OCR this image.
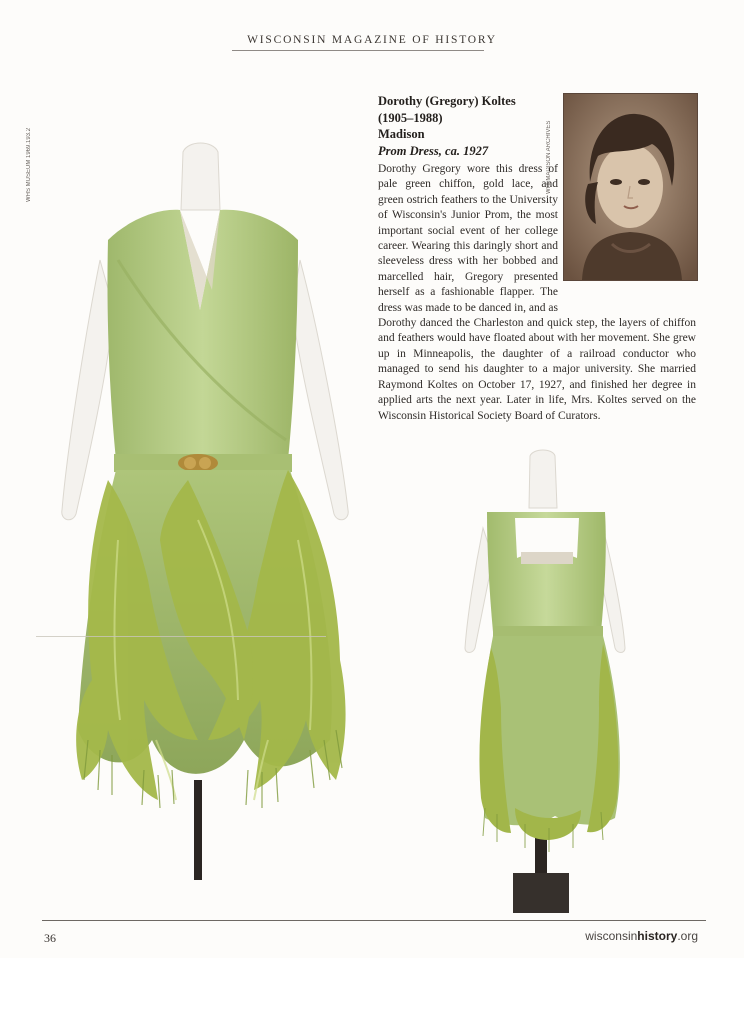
WISCONSIN MAGAZINE OF HISTORY
WHS MUSEUM 1969.193.2	WHI MADISON ARCHIVES
Dorothy (Gregory) Koltes
(1905–1988)
Madison
Prom Dress, ca. 1927
Dorothy Gregory wore this dress of pale green chiffon, gold lace, and green ostrich feathers to the University of Wisconsin's Junior Prom, the most important social event of her college career. Wearing this daringly short and sleeveless dress with her bobbed and marcelled hair, Gregory presented herself as a fashionable flapper. The dress was made to be danced in, and as Dorothy danced the Charleston and quick step, the layers of chiffon and feathers would have floated about with her movement. She grew up in Minneapolis, the daughter of a railroad conductor who managed to send his daughter to a major university. She married Raymond Koltes on October 17, 1927, and finished her degree in applied arts the next year. Later in life, Mrs. Koltes served on the Wisconsin Historical Society Board of Curators.
36	wisconsinhistory.org
